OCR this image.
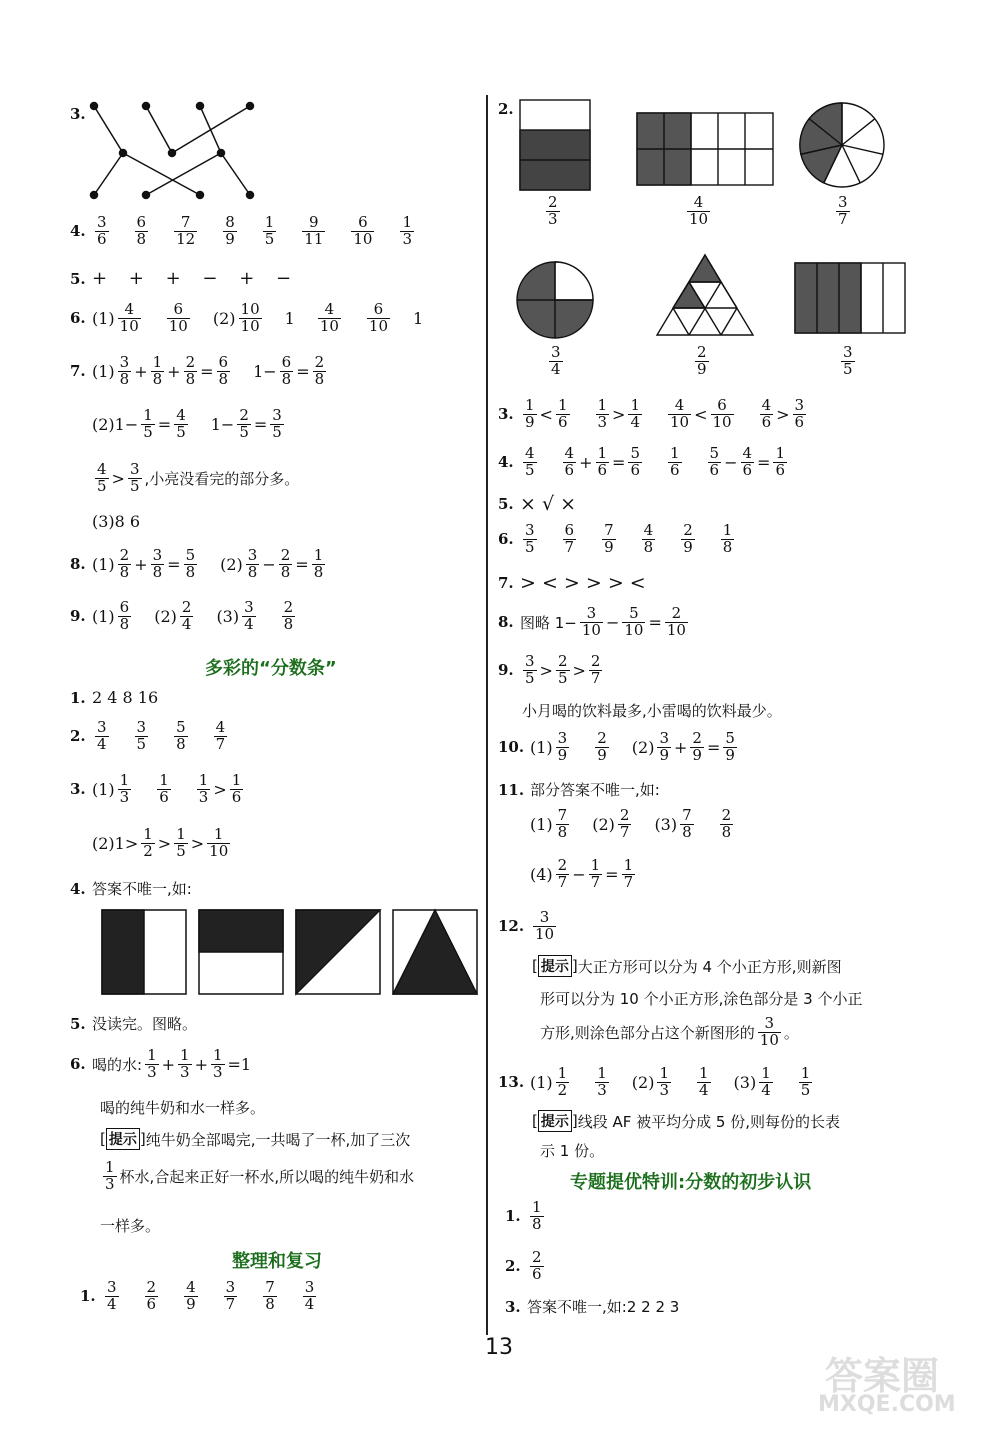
3.
4.
3
6
6
8
7
12
8
9
1
5
9
11
6
10
1
3
5. + + + − + −
6. (1) 4
10
6
10 (2) 10
10 1 4
10
6
10 1
7. (1) 3
8 + 1
8 + 2
8 = 6
8 1− 6
8 = 2
8
$(2)1- \frac{1}{5} = 4$
5 1− 2
5 = 3
5
4
5 > 3
5 ,小亮没看完的部分多。
(3)8 6
8. (1) 2
8 + 3
8 = 5
8 (2) 3
8 − 2
8 = 1
8
9. (1) 6
8 (2) 2
4 (3) 3
4
2
8
多彩的“分数条”
1. 2 4 8 16
2.
3
4
3
5
5
8
4
7
3. (1) 1
3
1
6
1
3 > 1
6
(2)1> 1
2 > 1
5 > 1
10
4. 答案不唯一,如:
5. 没读完。图略。
6. 喝的水:
1
3 + 1
$3 + \frac{1}{3} =1$
喝的纯牛奶和水一样多。
[ 提示 ] 纯牛奶全部喝完,一共喝了一杯,加了三次
1
3 杯水,合起来正好一杯水,所以喝的纯牛奶和水
一样多。
整理和复习
1.
3
4
2
6
4
9
3
7
7
8
3
4
2.
2
3
4
10
3
7
3
4
2
9
3
5
3.
1
9 < 1
6
1
3 > 1
4
4
10 < 6
10
4
6 > 3
6
4.
4
5
4
6 + 1
6 = 5
6
1
6
5
6 − 4
6 = 1
6
5. × √ ×
6.
3
5
6
7
7
9
4
8
2
9
1
8
7. > < > > > <
8. 图略 $1- \frac{3}{10} - 5$
10 = 2
10
9.
3
5 > 2
5 > 2
7
小月喝的饮料最多,小雷喝的饮料最少。
10. (1) 3
9
2
9 (2) 3
9 + 2
9 = 5
9
11. 部分答案不唯一,如:
(1) 7
8 (2) 2
7 (3) 7
8
2
8
(4) 2
7 − 1
7 = 1
7
12.
3
10
[ 提示 ] 大正方形可以分为 4 个小正方形,则新图
形可以分为 10 个小正方形,涂色部分是 3 个小正
方形,则涂色部分占这个新图形的
3
10 。
13. (1) 1
2
1
3 (2) 1
3
1
4 (3) 1
4
1
5
[ 提示 ] 线段 AF 被平均分成 5 份,则每份的长表
示 1 份。
专题提优特训:分数的初步认识
1.
1
8
2.
2
6
3. 答案不唯一,如:2 2 2 3
13
答案圈
MXQE.COM
